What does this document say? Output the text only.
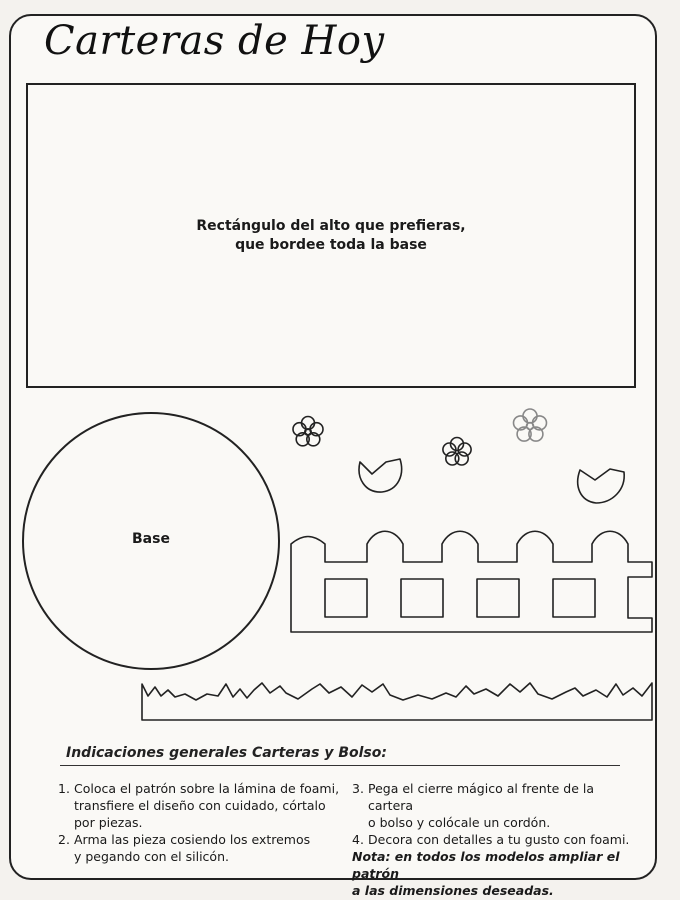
Carteras de Hoy
Rectángulo del alto que prefieras,
que bordee toda la base
Base
Indicaciones generales Carteras y Bolso:
1. Coloca el patrón sobre la lámina de foami,
transfiere el diseño con cuidado, córtalo
por piezas.
2. Arma las pieza cosiendo los extremos
y pegando con el silicón.
3. Pega el cierre mágico al frente de la cartera
o bolso y colócale un cordón.
4. Decora con detalles a tu gusto con foami.
Nota: en todos los modelos ampliar el patrón
a las dimensiones deseadas.
